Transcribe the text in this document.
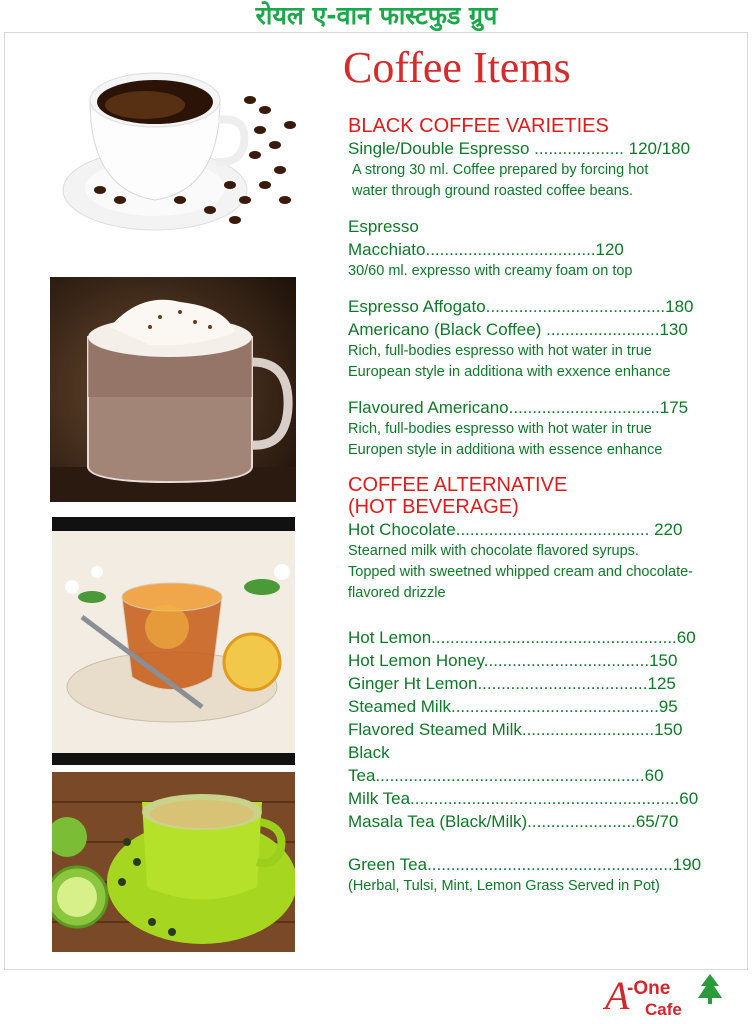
रोयल ए-वान फास्टफुड ग्रुप
Coffee Items
BLACK COFFEE VARIETIES
Single/Double Espresso ................... 120/180
A strong 30 ml. Coffee prepared by forcing hot
water through ground roasted coffee beans.
Espresso
Macchiato....................................120
30/60 ml. expresso with creamy foam on top
Espresso Affogato......................................180
Americano (Black Coffee) ........................130
Rich, full-bodies espresso with hot water in true
European style in additiona with exxence enhance
Flavoured Americano................................175
Rich, full-bodies espresso with hot water in true
Europen style in additiona with essence enhance
COFFEE ALTERNATIVE
(HOT BEVERAGE)
Hot Chocolate......................................... 220
Stearned milk with chocolate flavored syrups.
Topped with sweetned whipped cream and chocolate-
flavored drizzle
Hot Lemon....................................................60
Hot Lemon Honey...................................150
Ginger Ht Lemon....................................125
Steamed Milk............................................95
Flavored Steamed Milk............................150
Black
Tea.........................................................60
Milk Tea.........................................................60
Masala Tea (Black/Milk).......................65/70
Green Tea....................................................190
(Herbal, Tulsi, Mint, Lemon Grass Served in Pot)
A
-One
Cafe
